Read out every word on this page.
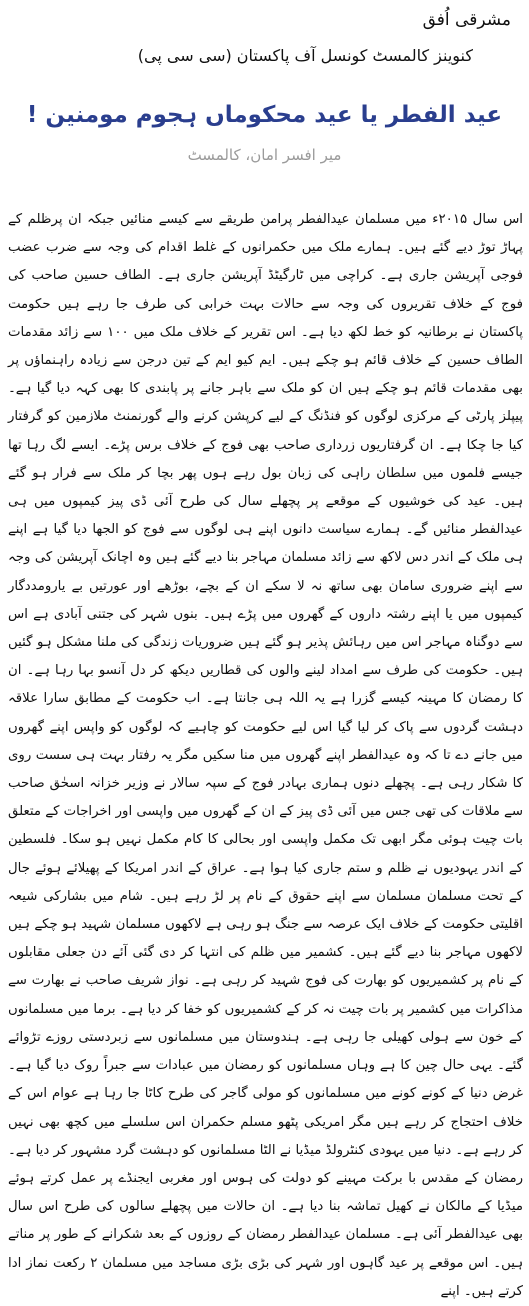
مشرقی اُفق

کنوینز کالمسٹ کونسل آف پاکستان (سی سی پی)

عید الفطر یا عید محکوماں ہجوم مومنین !

میر افسر امان، کالمسٹ

اس سال ۲۰۱۵ء میں مسلمان عیدالفطر پرامن طریقے سے کیسے منائیں جبکہ ان پرظلم کے پہاڑ توڑ دیے گئے ہیں۔ ہمارے ملک میں حکمرانوں کے غلط اقدام کی وجہ سے ضرب عضب فوجی آپریشن جاری ہے۔ کراچی میں ٹارگیٹڈ آپریشن جاری ہے۔ الطاف حسین صاحب کی فوج کے خلاف تقریروں کی وجہ سے حالات بہت خرابی کی طرف جا رہے ہیں حکومت پاکستان نے برطانیہ کو خط لکھ دیا ہے۔ اس تقریر کے خلاف ملک میں ۱۰۰ سے زائد مقدمات الطاف حسین کے خلاف قائم ہو چکے ہیں۔ ایم کیو ایم کے تین درجن سے زیادہ راہنماؤں پر بھی مقدمات قائم ہو چکے ہیں ان کو ملک سے باہر جانے پر پابندی کا بھی کہہ دیا گیا ہے۔ پیپلز پارٹی کے مرکزی لوگوں کو فنڈنگ کے لیے کرپشن کرنے والے گورنمنٹ ملازمین کو گرفتار کیا جا چکا ہے۔ ان گرفتاریوں زرداری صاحب بھی فوج کے خلاف برس پڑے۔ ایسے لگ رہا تھا جیسے فلموں میں سلطان راہی کی زبان بول رہے ہوں پھر بچا کر ملک سے فرار ہو گئے ہیں۔ عید کی خوشیوں کے موقعے پر پچھلے سال کی طرح آئی ڈی پیز کیمپوں میں ہی عیدالفطر منائیں گے۔ ہمارے سیاست دانوں اپنے ہی لوگوں سے فوج کو الجھا دیا گیا ہے اپنے ہی ملک کے اندر دس لاکھ سے زائد مسلمان مہاجر بنا دیے گئے ہیں وہ اچانک آپریشن کی وجہ سے اپنے ضروری سامان بھی ساتھ نہ لا سکے ان کے بچے، بوڑھے اور عورتیں بے یارومددگار کیمپوں میں یا اپنے رشتہ داروں کے گھروں میں پڑے ہیں۔ بنوں شہر کی جتنی آبادی ہے اس سے دوگناہ مہاجر اس میں رہائش پذیر ہو گئے ہیں ضروریات زندگی کی ملنا مشکل ہو گئیں ہیں۔ حکومت کی طرف سے امداد لینے والوں کی قطاریں دیکھ کر دل آنسو بہا رہا ہے۔ ان کا رمضان کا مہینہ کیسے گزرا ہے یہ اللہ ہی جانتا ہے۔ اب حکومت کے مطابق سارا علاقہ دہشت گردوں سے پاک کر لیا گیا اس لیے حکومت کو چاہیے کہ لوگوں کو واپس اپنے گھروں میں جانے دے تا کہ وہ عیدالفطر اپنے گھروں میں منا سکیں مگر یہ رفتار بہت ہی سست روی کا شکار رہی ہے۔ پچھلے دنوں ہماری بہادر فوج کے سپہ سالار نے وزیر خزانہ اسحٰق صاحب سے ملاقات کی تھی جس میں آئی ڈی پیز کے ان کے گھروں میں واپسی اور اخراجات کے متعلق بات چیت ہوئی مگر ابھی تک مکمل واپسی اور بحالی کا کام مکمل نہیں ہو سکا۔ فلسطین کے اندر یہودیوں نے ظلم و ستم جاری کیا ہوا ہے۔ عراق کے اندر امریکا کے پھیلائے ہوئے جال کے تحت مسلمان مسلمان سے اپنے حقوق کے نام پر لڑ رہے ہیں۔ شام میں بشارکی شیعہ اقلیتی حکومت کے خلاف ایک عرصہ سے جنگ ہو رہی ہے لاکھوں مسلمان شہید ہو چکے ہیں لاکھوں مہاجر بنا دیے گئے ہیں۔ کشمیر میں ظلم کی انتہا کر دی گئی آئے دن جعلی مقابلوں کے نام پر کشمیریوں کو بھارت کی فوج شہید کر رہی ہے۔ نواز شریف صاحب نے بھارت سے مذاکرات میں کشمیر پر بات چیت نہ کر کے کشمیریوں کو خفا کر دیا ہے۔ برما میں مسلمانوں کے خون سے ہولی کھیلی جا رہی ہے۔ ہندوستان میں مسلمانوں سے زبردستی روزے تڑوائے گئے۔ یہی حال چین کا ہے وہاں مسلمانوں کو رمضان میں عبادات سے جبراً روک دیا گیا ہے۔ غرض دنیا کے کونے کونے میں مسلمانوں کو مولی گاجر کی طرح کاٹا جا رہا ہے عوام اس کے خلاف احتجاج کر رہے ہیں مگر امریکی پٹھو مسلم حکمران اس سلسلے میں کچھ بھی نہیں کر رہے ہے۔ دنیا میں یہودی کنٹرولڈ میڈیا نے الٹا مسلمانوں کو دہشت گرد مشہور کر دیا ہے۔ رمضان کے مقدس با برکت مہینے کو دولت کی ہوس اور مغربی ایجنڈے پر عمل کرتے ہوئے میڈیا کے مالکان نے کھیل تماشہ بنا دیا ہے۔ ان حالات میں پچھلے سالوں کی طرح اس سال بھی عیدالفطر آئی ہے۔ مسلمان عیدالفطر رمضان کے روزوں کے بعد شکرانے کے طور پر مناتے ہیں۔ اس موقعے پر عید گاہوں اور شہر کی بڑی بڑی مساجد میں مسلمان ۲ رکعت نماز ادا کرتے ہیں۔ اپنے
